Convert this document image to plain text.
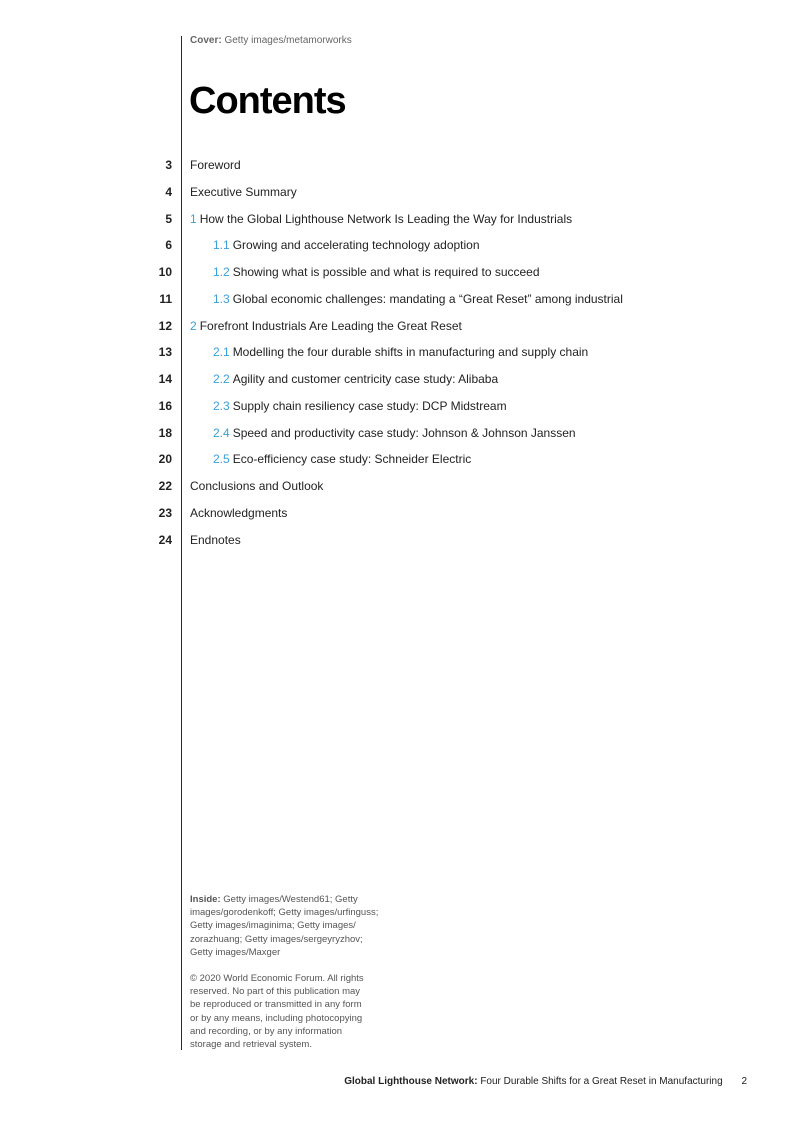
Cover: Getty images/metamorworks
Contents
3 Foreword
4 Executive Summary
5 1 How the Global Lighthouse Network Is Leading the Way for Industrials
6	1.1 Growing and accelerating technology adoption
10	1.2 Showing what is possible and what is required to succeed
11	1.3 Global economic challenges: mandating a “Great Reset” among industrial
12 2 Forefront Industrials Are Leading the Great Reset
13	2.1 Modelling the four durable shifts in manufacturing and supply chain
14	2.2 Agility and customer centricity case study: Alibaba
16	2.3 Supply chain resiliency case study: DCP Midstream
18	2.4 Speed and productivity case study: Johnson & Johnson Janssen
20	2.5 Eco-efficiency case study: Schneider Electric
22 Conclusions and Outlook
23 Acknowledgments
24 Endnotes
Inside: Getty images/Westend61; Getty
images/gorodenkoff; Getty images/urfinguss;
Getty images/imaginima; Getty images/
zorazhuang; Getty images/sergeyryzhov;
Getty images/Maxger
© 2020 World Economic Forum. All rights
reserved. No part of this publication may
be reproduced or transmitted in any form
or by any means, including photocopying
and recording, or by any information
storage and retrieval system.
Global Lighthouse Network: Four Durable Shifts for a Great Reset in Manufacturing 2
